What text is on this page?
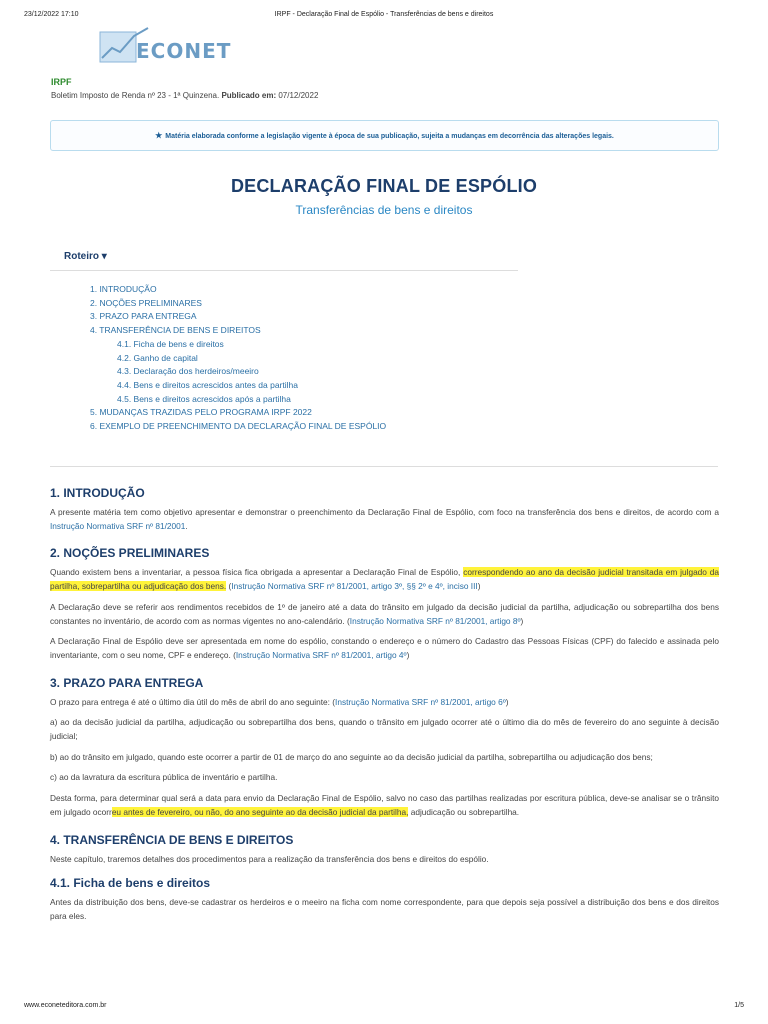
23/12/2022 17:10	IRPF - Declaração Final de Espólio - Transferências de bens e direitos
ECONET
IRPF
Boletim Imposto de Renda nº 23 - 1ª Quinzena. Publicado em: 07/12/2022
★ Matéria elaborada conforme a legislação vigente à época de sua publicação, sujeita a mudanças em decorrência das alterações legais.
DECLARAÇÃO FINAL DE ESPÓLIO
Transferências de bens e direitos
Roteiro ▾
1. INTRODUÇÃO
2. NOÇÕES PRELIMINARES
3. PRAZO PARA ENTREGA
4. TRANSFERÊNCIA DE BENS E DIREITOS
4.1. Ficha de bens e direitos
4.2. Ganho de capital
4.3. Declaração dos herdeiros/meeiro
4.4. Bens e direitos acrescidos antes da partilha
4.5. Bens e direitos acrescidos após a partilha
5. MUDANÇAS TRAZIDAS PELO PROGRAMA IRPF 2022
6. EXEMPLO DE PREENCHIMENTO DA DECLARAÇÃO FINAL DE ESPÓLIO
1. INTRODUÇÃO

A presente matéria tem como objetivo apresentar e demonstrar o preenchimento da Declaração Final de Espólio, com foco na transferência dos bens e direitos, de acordo com a Instrução Normativa SRF nº 81/2001.

2. NOÇÕES PRELIMINARES

Quando existem bens a inventariar, a pessoa física fica obrigada a apresentar a Declaração Final de Espólio, correspondendo ao ano da decisão judicial transitada em julgado da partilha, sobrepartilha ou adjudicação dos bens. (Instrução Normativa SRF nº 81/2001, artigo 3º, §§ 2º e 4º, inciso III)

A Declaração deve se referir aos rendimentos recebidos de 1º de janeiro até a data do trânsito em julgado da decisão judicial da partilha, adjudicação ou sobrepartilha dos bens constantes no inventário, de acordo com as normas vigentes no ano-calendário. (Instrução Normativa SRF nº 81/2001, artigo 8º)

A Declaração Final de Espólio deve ser apresentada em nome do espólio, constando o endereço e o número do Cadastro das Pessoas Físicas (CPF) do falecido e assinada pelo inventariante, com o seu nome, CPF e endereço. (Instrução Normativa SRF nº 81/2001, artigo 4º)

3. PRAZO PARA ENTREGA

O prazo para entrega é até o último dia útil do mês de abril do ano seguinte: (Instrução Normativa SRF nº 81/2001, artigo 6º)

a) ao da decisão judicial da partilha, adjudicação ou sobrepartilha dos bens, quando o trânsito em julgado ocorrer até o último dia do mês de fevereiro do ano seguinte à decisão judicial;

b) ao do trânsito em julgado, quando este ocorrer a partir de 01 de março do ano seguinte ao da decisão judicial da partilha, sobrepartilha ou adjudicação dos bens;

c) ao da lavratura da escritura pública de inventário e partilha.

Desta forma, para determinar qual será a data para envio da Declaração Final de Espólio, salvo no caso das partilhas realizadas por escritura pública, deve-se analisar se o trânsito em julgado ocorreu antes de fevereiro, ou não, do ano seguinte ao da decisão judicial da partilha, adjudicação ou sobrepartilha.

4. TRANSFERÊNCIA DE BENS E DIREITOS

Neste capítulo, traremos detalhes dos procedimentos para a realização da transferência dos bens e direitos do espólio.

4.1. Ficha de bens e direitos

Antes da distribuição dos bens, deve-se cadastrar os herdeiros e o meeiro na ficha com nome correspondente, para que depois seja possível a distribuição dos bens e dos direitos para eles.

www.econeteditora.com.br	1/5
